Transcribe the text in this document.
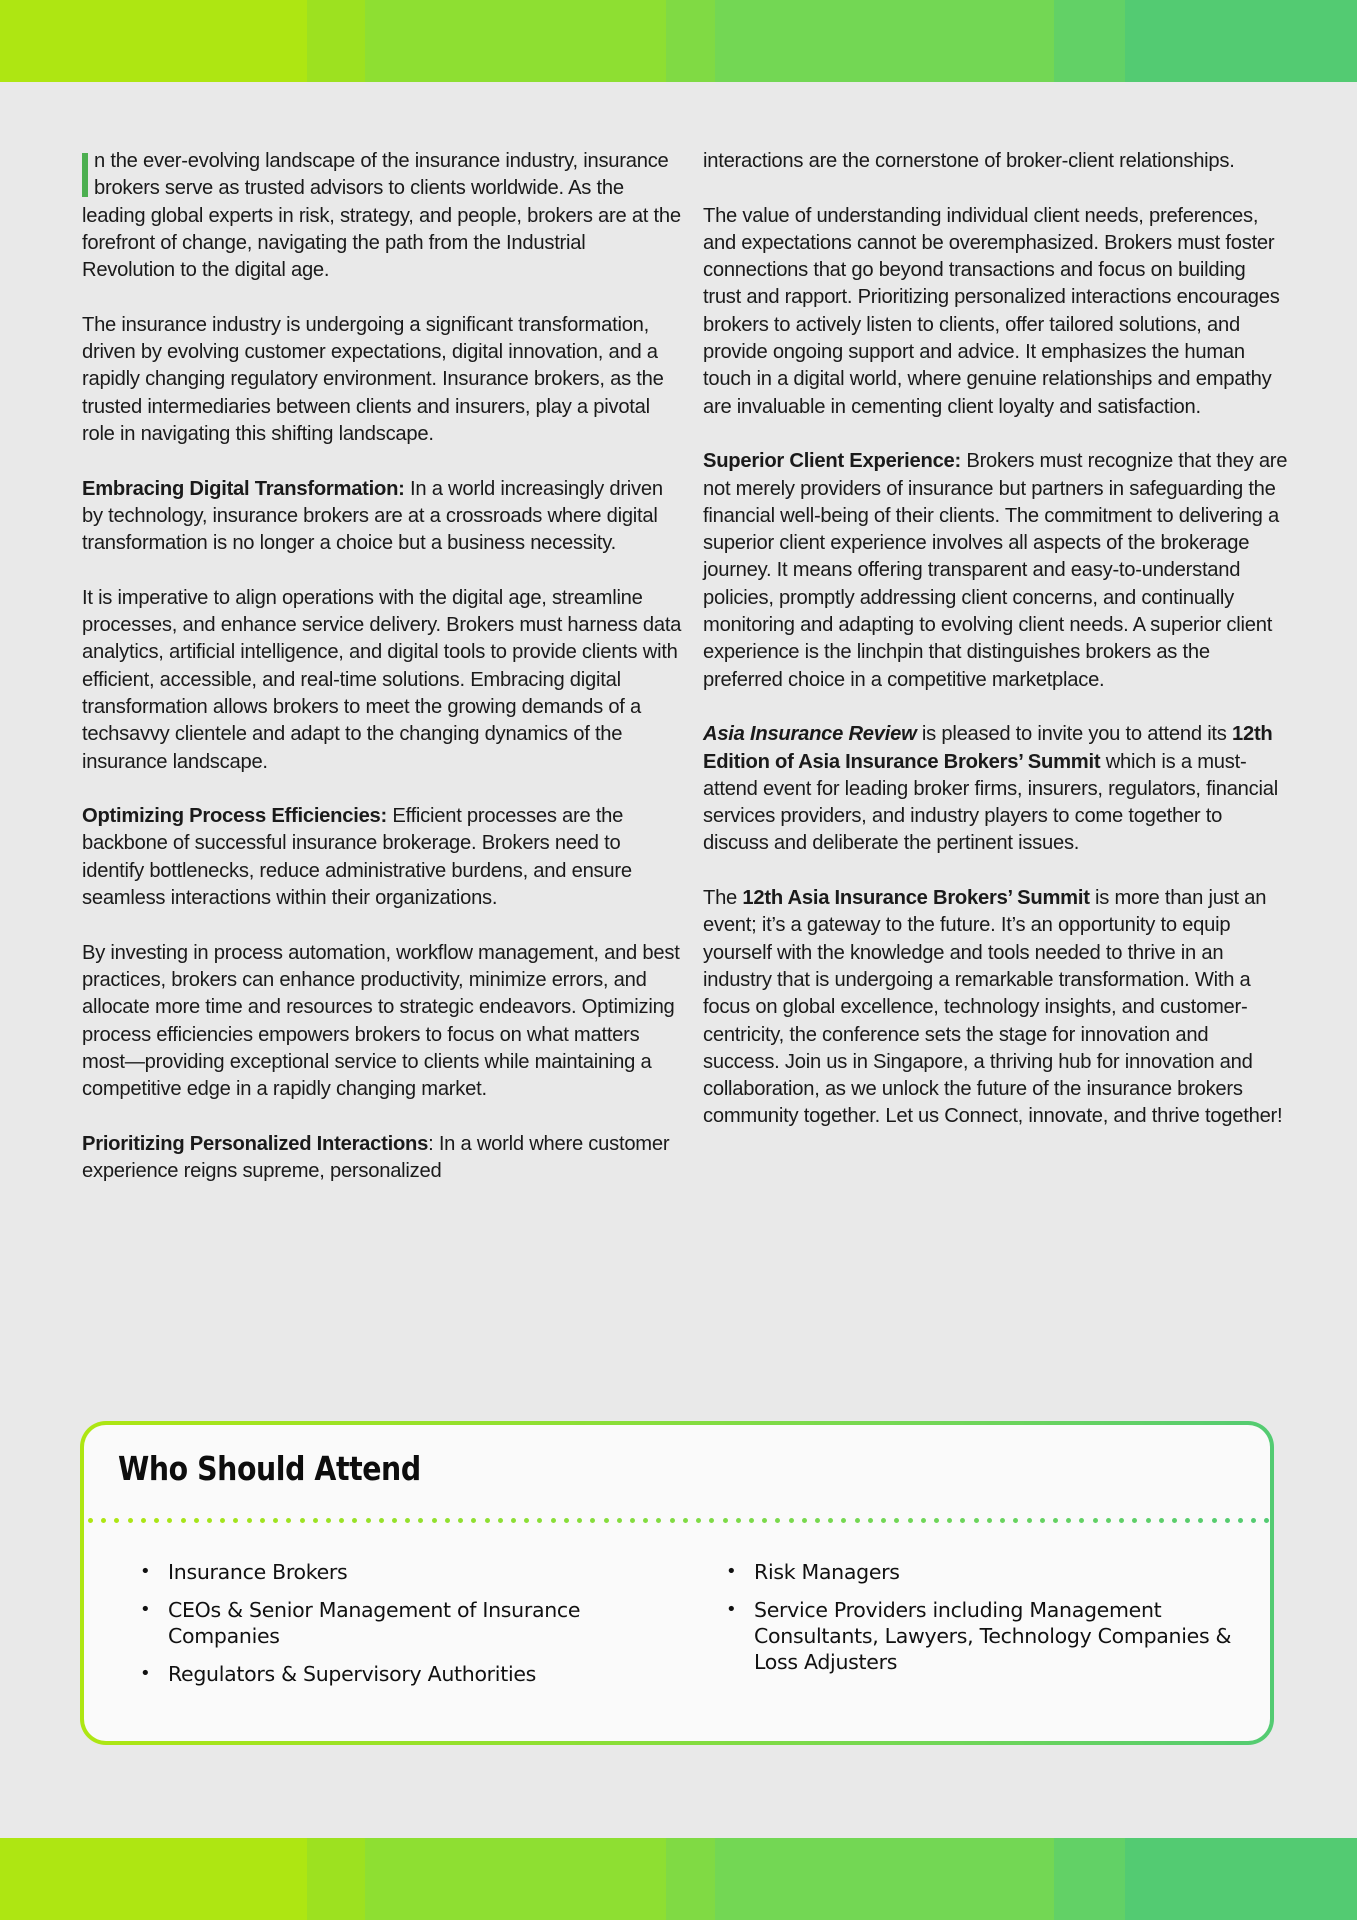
n the ever-evolving landscape of the insurance industry, insurance brokers serve as trusted advisors to clients worldwide. As the leading global experts in risk, strategy, and people, brokers are at the forefront of change, navigating the path from the Industrial Revolution to the digital age.

The insurance industry is undergoing a significant transformation, driven by evolving customer expectations, digital innovation, and a rapidly changing regulatory environment. Insurance brokers, as the trusted intermediaries between clients and insurers, play a pivotal role in navigating this shifting landscape.

Embracing Digital Transformation: In a world increasingly driven by technology, insurance brokers are at a crossroads where digital transformation is no longer a choice but a business necessity.

It is imperative to align operations with the digital age, streamline processes, and enhance service delivery. Brokers must harness data analytics, artificial intelligence, and digital tools to provide clients with efficient, accessible, and real-time solutions. Embracing digital transformation allows brokers to meet the growing demands of a techsavvy clientele and adapt to the changing dynamics of the insurance landscape.

Optimizing Process Efficiencies: Efficient processes are the backbone of successful insurance brokerage. Brokers need to identify bottlenecks, reduce administrative burdens, and ensure seamless interactions within their organizations.

By investing in process automation, workflow management, and best practices, brokers can enhance productivity, minimize errors, and allocate more time and resources to strategic endeavors. Optimizing process efficiencies empowers brokers to focus on what matters most—providing exceptional service to clients while maintaining a competitive edge in a rapidly changing market.

Prioritizing Personalized Interactions: In a world where customer experience reigns supreme, personalized

interactions are the cornerstone of broker-client relationships.

The value of understanding individual client needs, preferences, and expectations cannot be overemphasized. Brokers must foster connections that go beyond transactions and focus on building trust and rapport. Prioritizing personalized interactions encourages brokers to actively listen to clients, offer tailored solutions, and provide ongoing support and advice. It emphasizes the human touch in a digital world, where genuine relationships and empathy are invaluable in cementing client loyalty and satisfaction.

Superior Client Experience: Brokers must recognize that they are not merely providers of insurance but partners in safeguarding the financial well-being of their clients. The commitment to delivering a superior client experience involves all aspects of the brokerage journey. It means offering transparent and easy-to-understand policies, promptly addressing client concerns, and continually monitoring and adapting to evolving client needs. A superior client experience is the linchpin that distinguishes brokers as the preferred choice in a competitive marketplace.

Asia Insurance Review is pleased to invite you to attend its 12th Edition of Asia Insurance Brokers’ Summit which is a must-attend event for leading broker firms, insurers, regulators, financial services providers, and industry players to come together to discuss and deliberate the pertinent issues.

The 12th Asia Insurance Brokers’ Summit is more than just an event; it’s a gateway to the future. It’s an opportunity to equip yourself with the knowledge and tools needed to thrive in an industry that is undergoing a remarkable transformation. With a focus on global excellence, technology insights, and customer-centricity, the conference sets the stage for innovation and success. Join us in Singapore, a thriving hub for innovation and collaboration, as we unlock the future of the insurance brokers community together. Let us Connect, innovate, and thrive together!

Who Should Attend
• Insurance Brokers
• CEOs & Senior Management of Insurance Companies
• Regulators & Supervisory Authorities
• Risk Managers
• Service Providers including Management Consultants, Lawyers, Technology Companies & Loss Adjusters
